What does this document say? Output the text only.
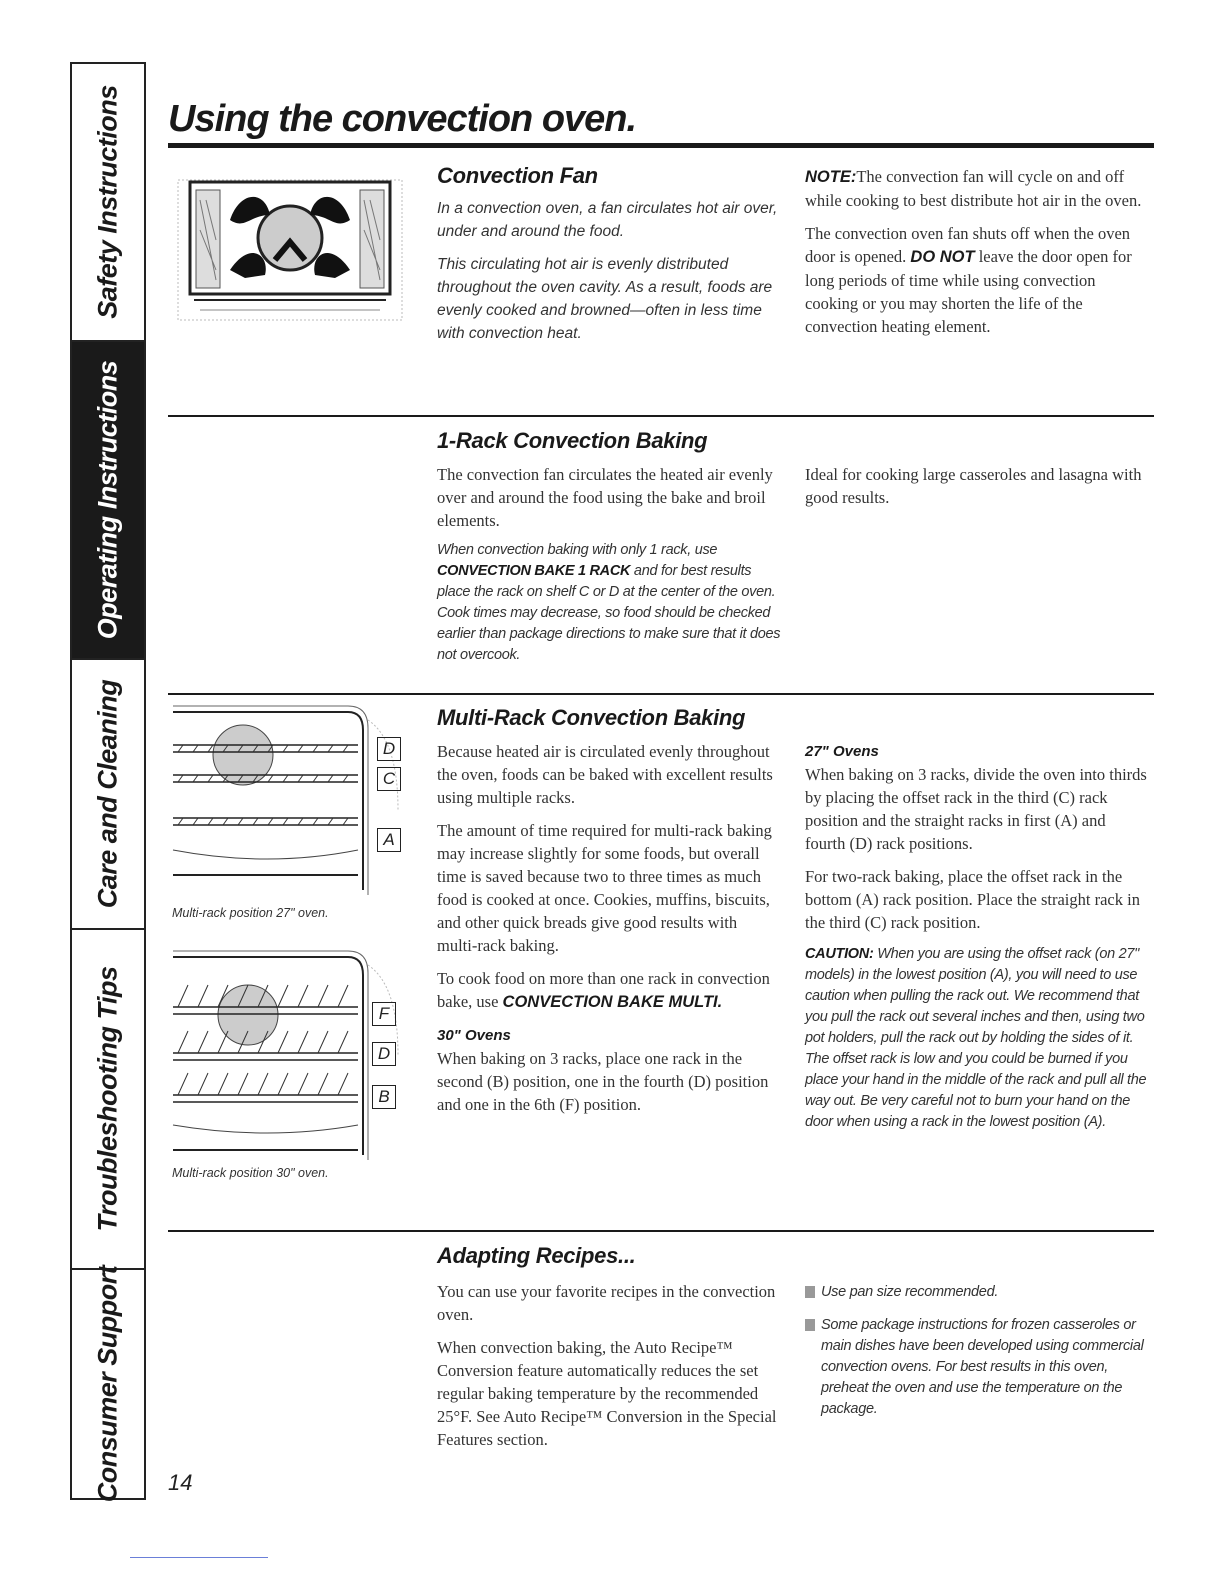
Safety Instructions
Operating Instructions
Care and Cleaning
Troubleshooting Tips
Consumer Support
Using the convection oven.
Convection Fan

In a convection oven, a fan circulates hot air over, under and around the food.

This circulating hot air is evenly distributed throughout the oven cavity. As a result, foods are evenly cooked and browned—often in less time with convection heat.

NOTE:The convection fan will cycle on and off while cooking to best distribute hot air in the oven.

The convection oven fan shuts off when the oven door is opened. DO NOT leave the door open for long periods of time while using convection cooking or you may shorten the life of the convection heating element.

1-Rack Convection Baking

The convection fan circulates the heated air evenly over and around the food using the bake and broil elements.

When convection baking with only 1 rack, use CONVECTION BAKE 1 RACK and for best results place the rack on shelf C or D at the center of the oven. Cook times may decrease, so food should be checked earlier than package directions to make sure that it does not overcook.

Ideal for cooking large casseroles and lasagna with good results.

D
C
A
Multi-rack position 27" oven.
F
D
B
Multi-rack position 30" oven.
Multi-Rack Convection Baking

Because heated air is circulated evenly throughout the oven, foods can be baked with excellent results using multiple racks.

The amount of time required for multi-rack baking may increase slightly for some foods, but overall time is saved because two to three times as much food is cooked at once. Cookies, muffins, biscuits, and other quick breads give good results with multi-rack baking.

To cook food on more than one rack in convection bake, use CONVECTION BAKE MULTI.

30" Ovens

When baking on 3 racks, place one rack in the second (B) position, one in the fourth (D) position and one in the 6th (F) position.

27" Ovens

When baking on 3 racks, divide the oven into thirds by placing the offset rack in the third (C) rack position and the straight racks in first (A) and fourth (D) rack positions.

For two-rack baking, place the offset rack in the bottom (A) rack position. Place the straight rack in the third (C) rack position.

CAUTION: When you are using the offset rack (on 27" models) in the lowest position (A), you will need to use caution when pulling the rack out. We recommend that you pull the rack out several inches and then, using two pot holders, pull the rack out by holding the sides of it. The offset rack is low and you could be burned if you place your hand in the middle of the rack and pull all the way out. Be very careful not to burn your hand on the door when using a rack in the lowest position (A).
Adapting Recipes...

You can use your favorite recipes in the convection oven.

When convection baking, the Auto Recipe™ Conversion feature automatically reduces the set regular baking temperature by the recommended 25°F. See Auto Recipe™ Conversion in the Special Features section.

Use pan size recommended.
Some package instructions for frozen casseroles or main dishes have been developed using commercial convection ovens. For best results in this oven, preheat the oven and use the temperature on the package.
14
